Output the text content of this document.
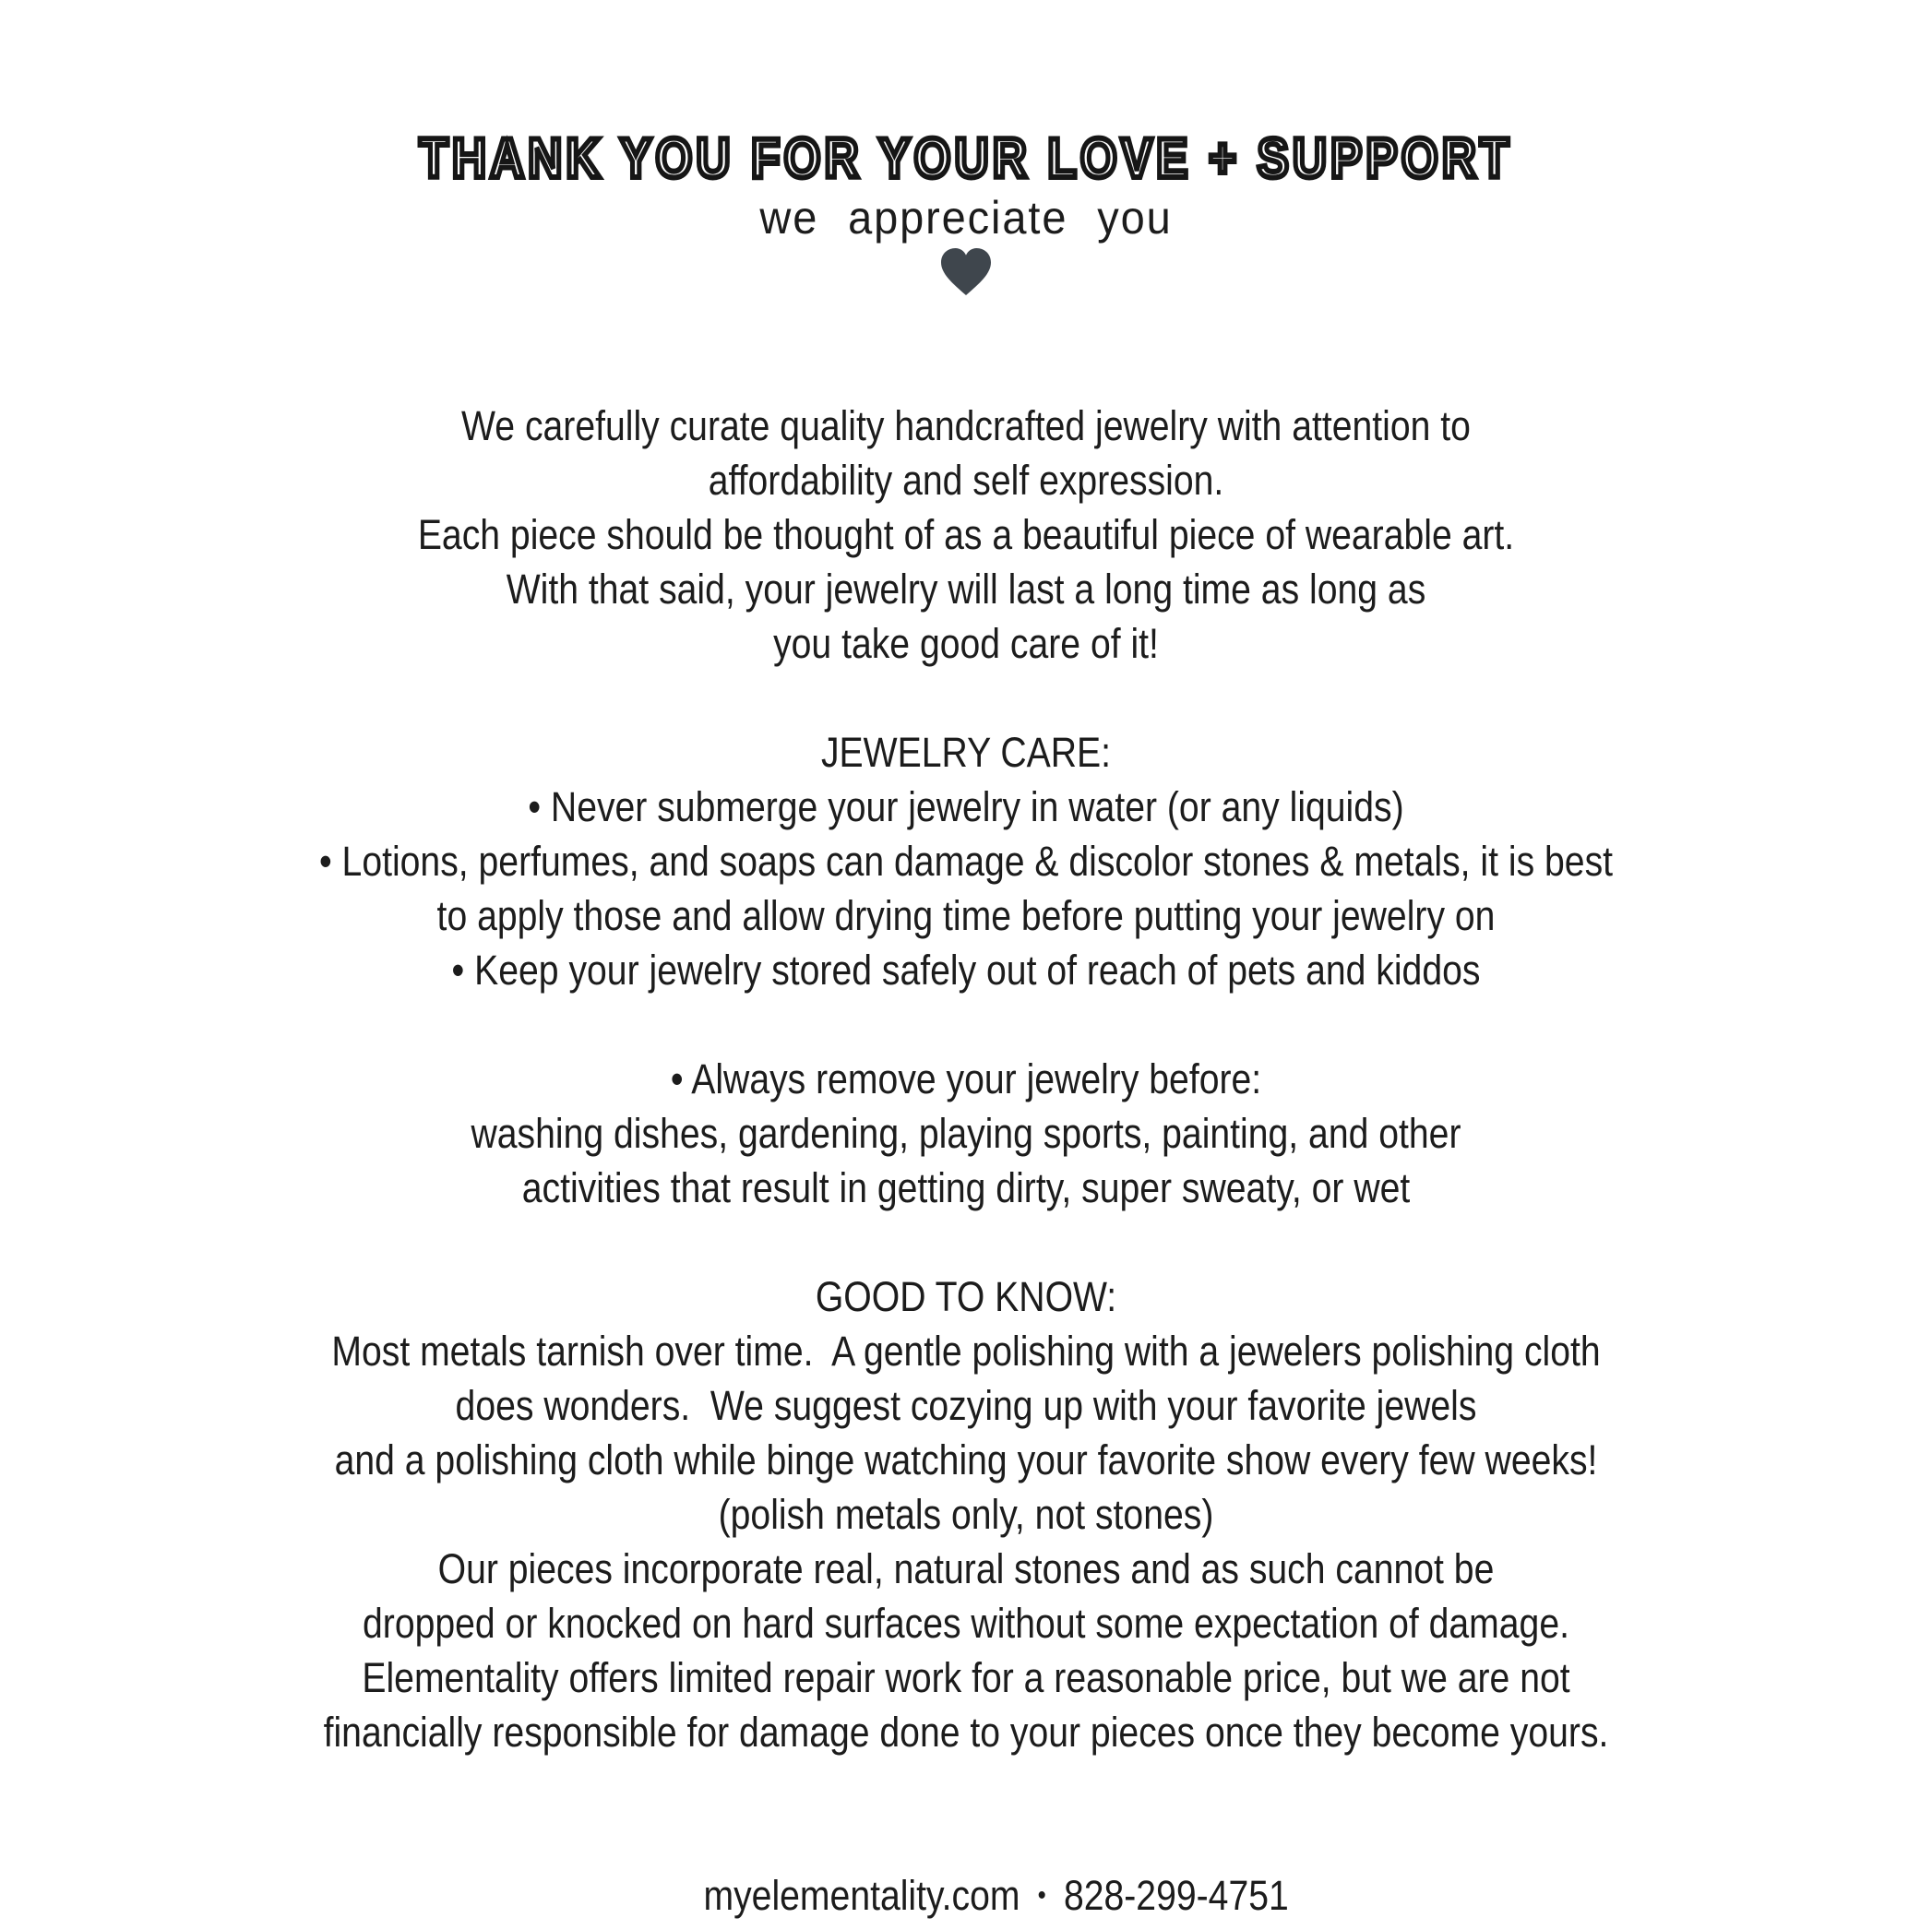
THANK YOU FOR YOUR LOVE + SUPPORT
we appreciate you
We carefully curate quality handcrafted jewelry with attention to
affordability and self expression.
Each piece should be thought of as a beautiful piece of wearable art.
With that said, your jewelry will last a long time as long as
you take good care of it!
JEWELRY CARE:
• Never submerge your jewelry in water (or any liquids)
• Lotions, perfumes, and soaps can damage & discolor stones & metals, it is best
to apply those and allow drying time before putting your jewelry on
• Keep your jewelry stored safely out of reach of pets and kiddos
• Always remove your jewelry before:
washing dishes, gardening, playing sports, painting, and other
activities that result in getting dirty, super sweaty, or wet
GOOD TO KNOW:
Most metals tarnish over time.  A gentle polishing with a jewelers polishing cloth
does wonders.  We suggest cozying up with your favorite jewels
and a polishing cloth while binge watching your favorite show every few weeks!
(polish metals only, not stones)
Our pieces incorporate real, natural stones and as such cannot be
dropped or knocked on hard surfaces without some expectation of damage.
Elementality offers limited repair work for a reasonable price, but we are not
financially responsible for damage done to your pieces once they become yours.

myelementality.com • 828-299-4751
